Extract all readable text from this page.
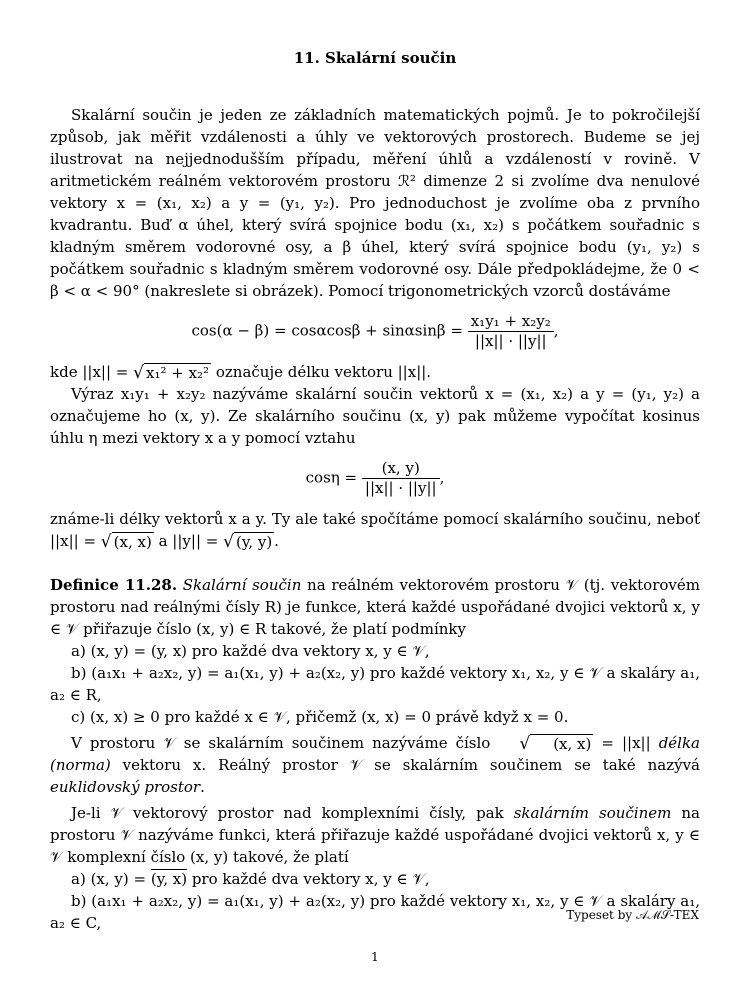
11. Skalární součin

Skalární součin je jeden ze základních matematických pojmů. Je to pokročilejší způsob, jak měřit vzdálenosti a úhly ve vektorových prostorech. Budeme se jej ilustrovat na nejjednodušším případu, měření úhlů a vzdáleností v rovině. V aritmetickém reálném vektorovém prostoru ℛ² dimenze 2 si zvolíme dva nenulové vektory x = (x₁, x₂) a y = (y₁, y₂). Pro jednoduchost je zvolíme oba z prvního kvadrantu. Buď α úhel, který svírá spojnice bodu (x₁, x₂) s počátkem souřadnic s kladným směrem vodorovné osy, a β úhel, který svírá spojnice bodu (y₁, y₂) s počátkem souřadnic s kladným směrem vodorovné osy. Dále předpokládejme, že 0 < β < α < 90° (nakreslete si obrázek). Pomocí trigonometrických vzorců dostáváme

$\cos(\alpha - \beta) = \cos\alpha\cos\beta + \sin\alpha\sin\beta = \frac{\text{x₁y₁ + x₂y₂}}{||x|| \cdot ||y||}$ ,

kde ||x|| = √ x₁² + x₂² označuje délku vektoru ||x||.

Výraz x₁y₁ + x₂y₂ nazýváme skalární součin vektorů x = (x₁, x₂) a y = (y₁, y₂) a označujeme ho (x, y). Ze skalárního součinu (x, y) pak můžeme vypočítat kosinus úhlu η mezi vektory x a y pomocí vztahu

$\cos\eta = \frac{(x, y)}{||x|| \cdot ||y||}$ ,

známe-li délky vektorů x a y. Ty ale také spočítáme pomocí skalárního součinu, neboť ||x|| = √ (x, x) a ||y|| = √ (y, y) .

Definice 11.28. Skalární součin na reálném vektorovém prostoru 𝒱 (tj. vektorovém prostoru nad reálnými čísly R) je funkce, která každé uspořádané dvojici vektorů x, y ∈ 𝒱 přiřazuje číslo (x, y) ∈ R takové, že platí podmínky

a) (x, y) = (y, x) pro každé dva vektory x, y ∈ 𝒱,

b) (a₁x₁ + a₂x₂, y) = a₁(x₁, y) + a₂(x₂, y) pro každé vektory x₁, x₂, y ∈ 𝒱 a skaláry a₁, a₂ ∈ R,

c) (x, x) ≥ 0 pro každé x ∈ 𝒱, přičemž (x, x) = 0 právě když x = 0.

V prostoru 𝒱 se skalárním součinem nazýváme číslo	√	(x, x) = ||x|| délka (norma) vektoru x. Reálný prostor 𝒱 se skalárním součinem se také nazývá euklidovský prostor.

Je-li 𝒱 vektorový prostor nad komplexními čísly, pak skalárním součinem na prostoru 𝒱 nazýváme funkci, která přiřazuje každé uspořádané dvojici vektorů x, y ∈ 𝒱 komplexní číslo (x, y) takové, že platí

a) (x, y) = (y, x) pro každé dva vektory x, y ∈ 𝒱,

b) (a₁x₁ + a₂x₂, y) = a₁(x₁, y) + a₂(x₂, y) pro každé vektory x₁, x₂, y ∈ 𝒱 a skaláry a₁, a₂ ∈ C,	Typeset by 𝒜ℳ𝒮-TEX
1
